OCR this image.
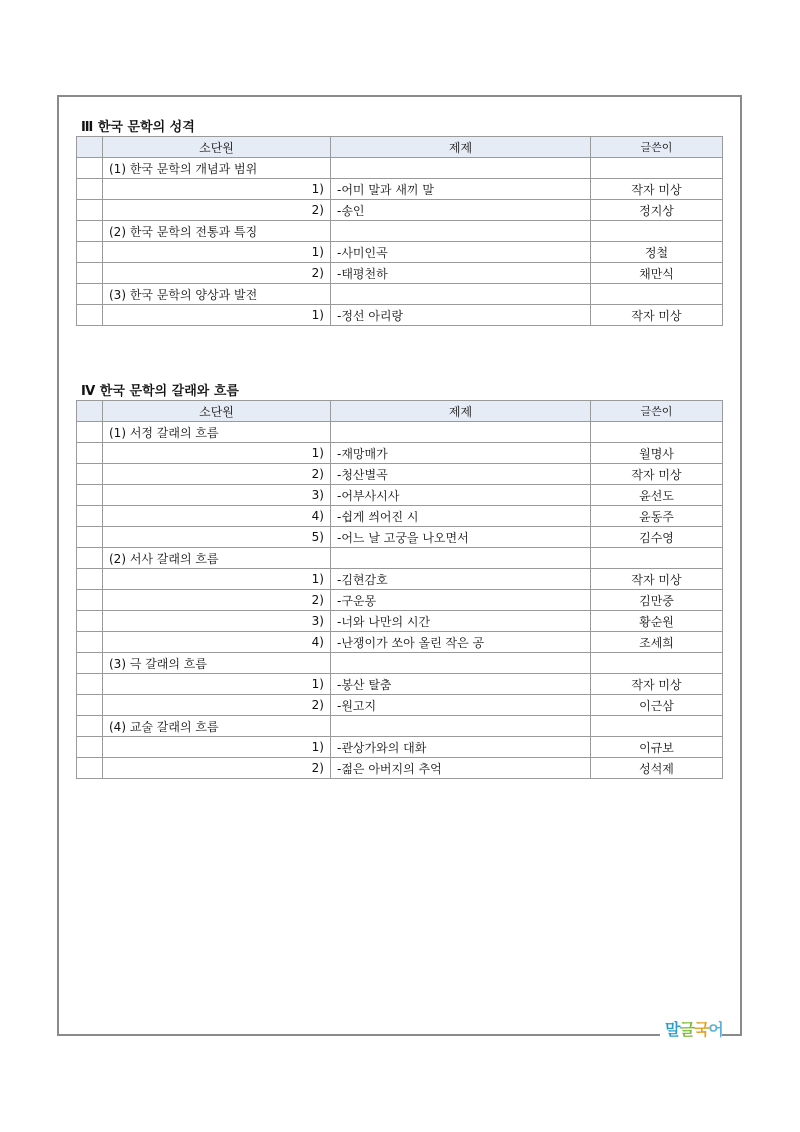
Ⅲ 한국 문학의 성격
	소단원	제제	글쓴이
	(1) 한국 문학의 개념과 범위		
	1)	-어미 말과 새끼 말	작자 미상
	2)	-송인	정지상
	(2) 한국 문학의 전통과 특징		
	1)	-사미인곡	정철
	2)	-태평천하	채만식
	(3) 한국 문학의 양상과 발전		
	1)	-정선 아리랑	작자 미상
Ⅳ 한국 문학의 갈래와 흐름
	소단원	제제	글쓴이
	(1) 서정 갈래의 흐름		
	1)	-재망매가	월명사
	2)	-청산별곡	작자 미상
	3)	-어부사시사	윤선도
	4)	-쉽게 씌어진 시	윤동주
	5)	-어느 날 고궁을 나오면서	김수영
	(2) 서사 갈래의 흐름		
	1)	-김현감호	작자 미상
	2)	-구운몽	김만중
	3)	-너와 나만의 시간	황순원
	4)	-난쟁이가 쏘아 올린 작은 공	조세희
	(3) 극 갈래의 흐름		
	1)	-봉산 탈춤	작자 미상
	2)	-원고지	이근삼
	(4) 교술 갈래의 흐름		
	1)	-관상가와의 대화	이규보
	2)	-젊은 아버지의 추억	성석제
말글국어
